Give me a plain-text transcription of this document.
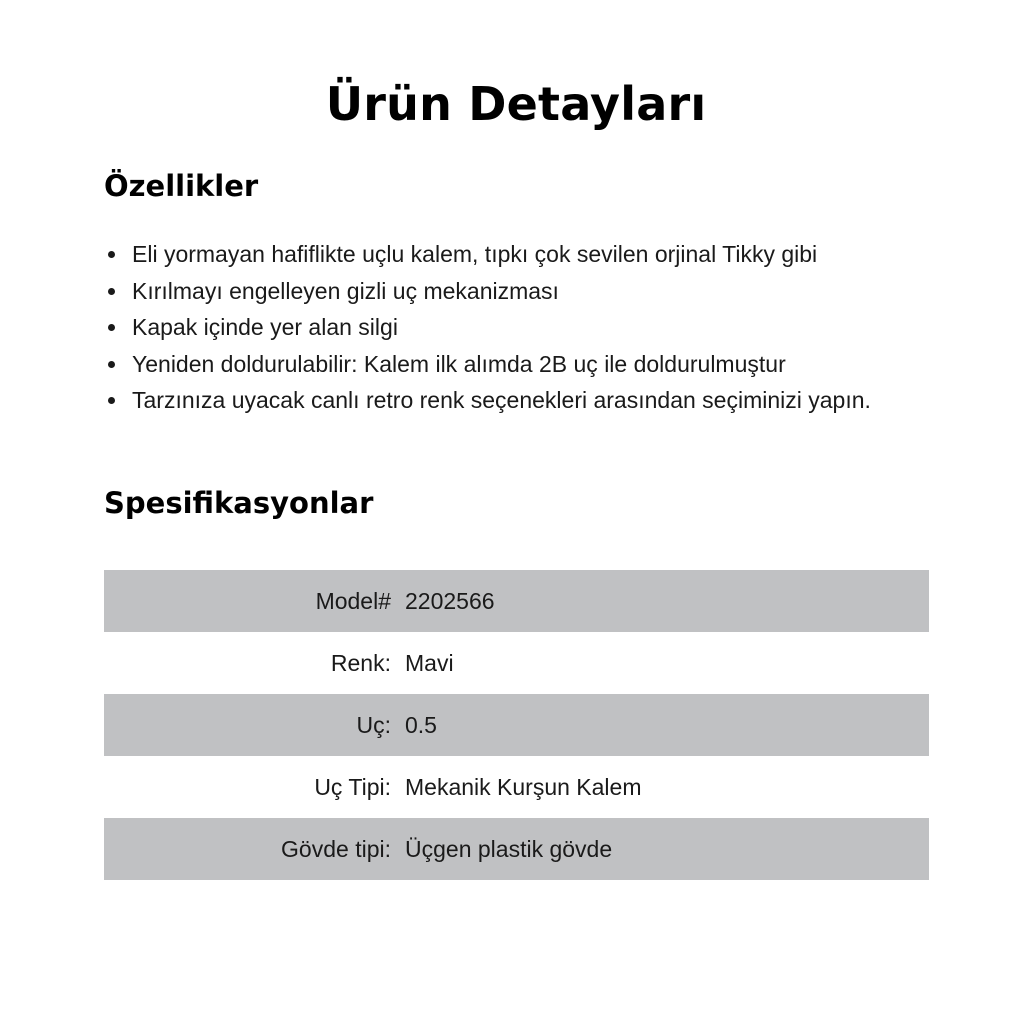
Ürün Detayları
Özellikler
Eli yormayan hafiflikte uçlu kalem, tıpkı çok sevilen orjinal Tikky gibi
Kırılmayı engelleyen gizli uç mekanizması
Kapak içinde yer alan silgi
Yeniden doldurulabilir: Kalem ilk alımda 2B uç ile doldurulmuştur
Tarzınıza uyacak canlı retro renk seçenekleri arasından seçiminizi yapın.
Spesifikasyonlar
Model#	2202566
Renk:	Mavi
Uç:	0.5
Uç Tipi:	Mekanik Kurşun Kalem
Gövde tipi:	Üçgen plastik gövde
